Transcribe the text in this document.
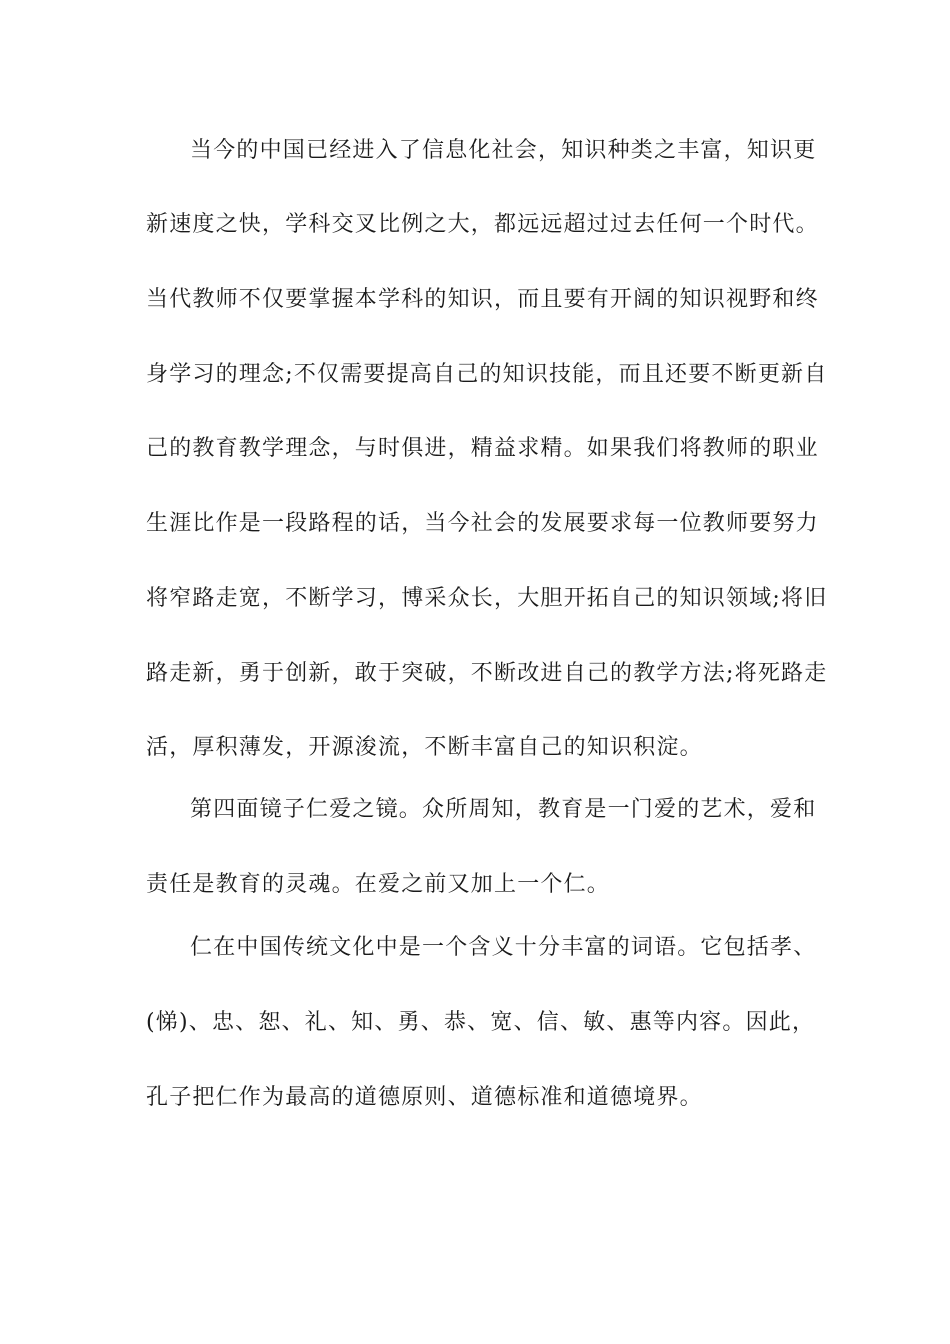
当今的中国已经进入了信息化社会，知识种类之丰富，知识更
新速度之快，学科交叉比例之大，都远远超过过去任何一个时代。
当代教师不仅要掌握本学科的知识，而且要有开阔的知识视野和终
身学习的理念;不仅需要提高自己的知识技能，而且还要不断更新自
己的教育教学理念，与时俱进，精益求精。如果我们将教师的职业
生涯比作是一段路程的话，当今社会的发展要求每一位教师要努力
将窄路走宽，不断学习，博采众长，大胆开拓自己的知识领域;将旧
路走新，勇于创新，敢于突破，不断改进自己的教学方法;将死路走
活，厚积薄发，开源浚流，不断丰富自己的知识积淀。
第四面镜子仁爱之镜。众所周知，教育是一门爱的艺术，爱和
责任是教育的灵魂。在爱之前又加上一个仁。
仁在中国传统文化中是一个含义十分丰富的词语。它包括孝、
(悌)、忠、恕、礼、知、勇、恭、宽、信、敏、惠等内容。因此，
孔子把仁作为最高的道德原则、道德标准和道德境界。
